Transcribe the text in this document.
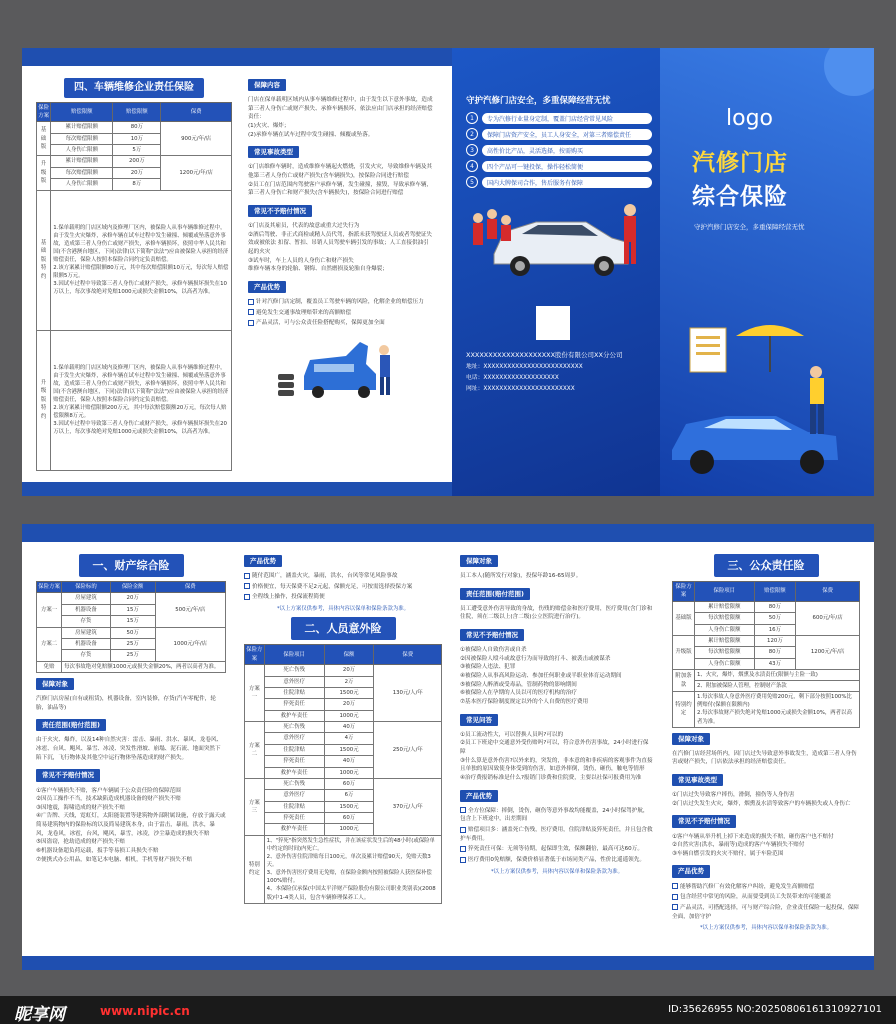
四、车辆维修企业责任保险
保险方案	赔偿限额	赔偿限额	保费
基础版	累计赔偿限额	80万	900元/年/店
	每次赔偿限额	10万	
	人身伤亡限额	5万	
升级版	累计赔偿限额	200万	1200元/年/店
	每次赔偿限额	20万	
	人身伤亡限额	8万	
基础版特约	1.保单载明的门店区域内及修理厂区内，被保险人从事车辆维修过程中，由于发生火灾爆炸，承修车辆在试车过程中发生碰撞、倾覆或坠落意外事故，造成第三者人身伤亡或财产损失，承修车辆损坏，依照中华人民共和国(不含港澳台地区，下同)法律(以下简称"法法")应由被保险人承担的经济赔偿责任，保险人按照本保险合同约定负责赔偿。
2.该方案累计赔偿限额80万元，其中每次赔偿限额10万元，每次每人赔偿限额5万元。
3.因试车过程中导致第三者人身伤亡或财产损失，承修车辆损坏损失在10万以上，每次事故绝对免赔1000元或损失金额10%，以高者为准。		
升级版特约	1.保单载明的门店区域内及修理厂区内，被保险人从事车辆维修过程中，由于发生火灾爆炸，承修车辆在试车过程中发生碰撞、倾覆或坠落意外事故，造成第三者人身伤亡或财产损失，承修车辆损坏，依照中华人民共和国(不含港澳台地区，下同)法律(以下简称"法法")应由被保险人承担的经济赔偿责任，保险人按照本保险合同约定负责赔偿。
2.该方案累计赔偿限额200万元，其中每次赔偿限额20万元，每次每人赔偿限额8万元。
3.因试车过程中导致第三者人身伤亡或财产损失，承修车辆损坏损失在20万以上，每次事故绝对免赔1000元或损失金额10%，以高者为准。		
保障内容

门店在保单载明区域内从事车辆维修过程中，由于发生以下意外事故，造成第三者人身伤亡或财产损失、承修车辆损坏，依法应由门店承担的经济赔偿责任：
(1)火灾、爆炸；
(2)承修车辆在试车过程中发生碰撞、倾覆或坠落。

常见事故类型

①门店维修车辆时，造成维修车辆起火燃烧，引发火灾，导致维修车辆及其他第三者人身伤亡或财产损失(含车辆损失)，按保险合同进行赔偿
②员工在门店范围内驾驶客户承修车辆，发生碰撞，撞毁，导致承修车辆，第三者人身伤亡和财产损失(含车辆损失)，按保险合同进行赔偿

常见不予赔付情况

①门店及其雇员，代表的故意或重大过失行为
②酒后驾驶、非正式商检或精人员代驾，指派未获驾驶证人员或者驾驶证失效或被依法 扣留、暂扣、吊销人员驾驶车辆引发的事故；人工直接供油引起的火灾
③试车时，车上人员的人身伤亡和财产损失
维修车辆本身的轮胎、钢悔、自然磨损及轮胎自身爆裂；

产品优势

针对汽修门店定制，覆盖员工驾驶车辆的风险，化解企业的赔偿压力

避免发生交通事故理赔带来的高额赔偿

产品灵活，可与公众责任险搭配购买，保障更加全面

守护汽修门店安全，多重保障经营无忧
1	专为汽修行业量身定制，覆盖门店经营常见风险
2	保障门店资产安全，员工人身安全，对第三者赔偿责任
3	高性价比产品，灵活选择，按需购买
4	四个产品可一键投保，操作轻松简便
5	国内大牌保司合作，售后服务有保障
XXXXXXXXXXXXXXXXXXXX股份有限公司XX分公司
地址：XXXXXXXXXXXXXXXXXXXXXXXXX
电话：XXXXXXXXXXXXXXXXXXX
网址：XXXXXXXXXXXXXXXXXXXXXXX
logo
汽修门店
综合保险
守护汽修门店安全，多重保障经营无忧
一、财产综合险
保险方案	保险标的	保险金额	保费
方案一	房屋建筑	20万	500元/年/店
	机器设备	15万	
	存货	15万	
方案二	房屋建筑	50万	1000元/年/店
	机器设备	25万	
	存货	25万	
免赔	每次事故绝对免赔额1000元或损失金额20%，两者以高者为准。		
保障对象

汽修门店房屋(自有或租赁)，机器设备，室内装修，存货(汽车零配件，轮胎，油品等)

责任范围(赔付范围)

由于火灾、爆炸，以及14种自然灾害：雷击、暴雨、洪水、暴风、龙卷风、冰雹、台风、飓风、暴雪、冰凌、突发性滑坡、崩塌、泥石流、地面突然下陷下沉，飞行物体及其他空中运行物体坠落造成的财产损失。

常见不予赔付情况

①客户车辆损失不赔，客户车辆属于公众责任险的保障范围
②因员工操作不当，技术缺陷造成机器设备的财产损失不赔
③因地震，海啸造成的财产损失不赔
④广告牌、天线，霓虹灯，太阳能装置等建筑物外部附属设施，存放于露天或简易建筑物内的保险标的以及简易建筑本身，由于雷击，暴雨，洪水，暴风，龙卷风，冰雹，台风，飓风，暴雪，冰凌，沙尘暴造成的损失不赔
⑤因盗窃，抢劫造成的财产损失不赔
⑥机器设备超负荷运载，扳手等易损工具损失不赔
⑦便携式办公用品，如笔记本电脑、相机，手机等财产损失不赔

产品优势

随付范围广，涵盖火灾，暴雨，洪水，台风等常见风险事故

价格便宜，每天保费不足2元起，保额充足，可按需选择投保方案

全程线上操作，投保流程简便

*以上方案仅供参考，具体内容以保单和保险条款为准。
二、人员意外险
保险方案	保险项目	保额	保费
方案一	死亡伤残	20万	130元/人/年
	意外医疗	2万	
	住院津贴	1500元	
	猝死责任	20万	
	救护车责任	1000元	
方案二	死亡伤残	40万	250元/人/年
	意外医疗	4万	
	住院津贴	1500元	
	猝死责任	40万	
	救护车责任	1000元	
方案三	死亡伤残	60万	370元/人/年
	意外医疗	6万	
	住院津贴	1500元	
	猝死责任	60万	
	救护车责任	1000元	
特别约定	1、"猝死"指突然发生急性症状，并在该症状发生后的48小时(或保险单中约定的时间)内死亡。
2、意外伤害住院津贴每日100元，单次及累计赔偿90天，免赔天数3天。
3、意外伤害医疗费用无免赔，在保险金额内按照被保险人获医保补偿100%赔付。
4、本保险仅承保(中国太平洋财产保险股份有限公司职业类别表)(2008版)中1-4类人员，包含车辆修理保养工人。		
保障对象

员工本人(随所发行对象)，投保年龄16-65周岁。

责任范围(赔付范围)

员工遭受意外伤害导致的身故，伤残的赔偿金和医疗费用，医疗费用(含门诊和住院，须在二级以上(含二级)公立医院进行治疗)。

常见不予赔付情况

①被保险人自致伤害或自杀
②因被保险人殴斗或故意行为而导致的打斗、被袭击或被谋杀
③被保险人违法、犯罪
④被保险人从事高风险运动、参加任何职业或半职业体育运动期间
⑤被保险人醉酒或受毒品，管制药物的影响期间
⑥被保险人在孕期的人员以可的医疗机构的治疗
⑦基本医疗保险制度规定以外的个人自费的医疗费用

常见问答

①员工流动性大，可以替换人员吗?可以的
②员工下班途中交通意外受伤赔吗?可以，符合意外伤害事故，24小时进行保障
③什么算是意外伤害?以外来的，突发的，非本意的和非疾病的客观事件为直接且单独的原因致使身体受到的伤害，如意外摔倒，烫伤，砸伤，触电等情形
④治疗费报销标准是什么?报销门诊费和住院费，主要以社保可报费用为准

产品优势

全方位保障：摔倒，烫伤，砸伤等意外事故均能覆盖，24小时保驾护航，包含上下班途中，出差期间

赔偿项目多：涵盖死亡伤残，医疗费用，住院津贴及猝死责任，并且包含救护车费用。

猝死责任可保：无须等待期，起保即生效，保额翻倍，最高可达60万。

医疗费用0免赔额，保费价格显著低于市场同类产品，性价比遥遥领先。

*以上方案仅供参考，具体内容以保单和保险条款为准。
三、公众责任险
保险方案	保险项目	赔偿限额	保费
基础版	累计赔偿限额	80万	600元/年/店
	每次赔偿限额	50万	
	人身伤亡限额	16万	
升级版	累计赔偿限额	120万	1200元/年/店
	每次赔偿限额	80万	
	人身伤亡限额	43万	
附加条款	1、火灾，爆炸，烟熏及水渍责任(限额与主险一致)		
	2、附加被保险人管理，控制财产条款		
特别约定	1.每次事故人身意外医疗费用免赔200元，剩下部分按照100%比例赔付(保额在限额内)
2.每次事故财产损失绝对免赔1000元或损失金额10%，两者以高者为准。		
保障对象

在汽修门店经营场所内，因门店过失导致意外事故发生，造成第三者人身伤害或财产损失，门店依法承担的经济赔偿责任。

常见事故类型

①门店过失导致客户摔伤，滑倒，撞伤等人身伤害
②门店过失发生火灾，爆炸，烟熏及水渍等致客户的车辆损失或人身伤亡

常见不予赔付情况

①客户车辆从举升机上掉下来造成的损失不赔，砸伤客户也不赔付
②自然灾害(洪水，暴雨等)造成的客户车辆损失不赔付
③车辆自燃引发的火灾不赔付，属于车险范围

产品优势

能够帮助汽修厂有效化解客户纠纷，避免发生高额赔偿

包含经营中常见的风险，从而要受到员工失误带来的可能覆盖

产品灵活，可搭配选择，可与财产综合险，企业责任保险一起投保，保障全面，加倍守护

*以上方案仅供参考，具体内容以保单和保险条款为准。
昵享网	www.nipic.cn	ID:35626955 NO:20250806161310927101
